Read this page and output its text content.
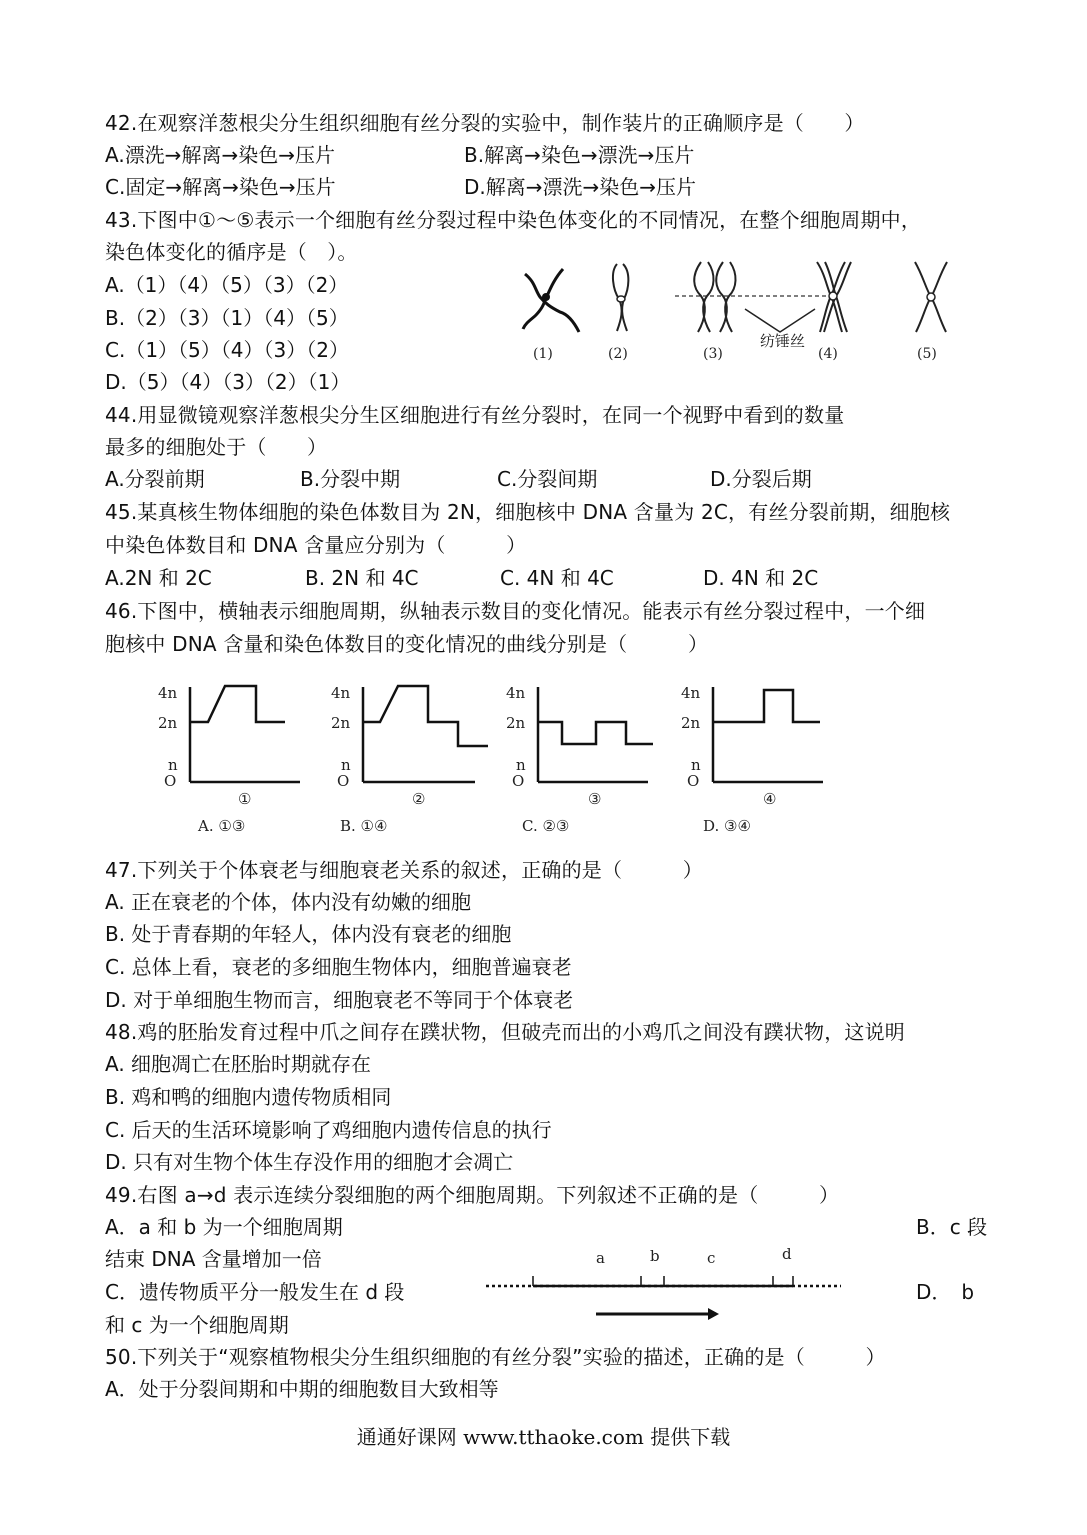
42.在观察洋葱根尖分生组织细胞有丝分裂的实验中，制作装片的正确顺序是（　　）
A.漂洗→解离→染色→压片	B.解离→染色→漂洗→压片
C.固定→解离→染色→压片	D.解离→漂洗→染色→压片
43.下图中①～⑤表示一个细胞有丝分裂过程中染色体变化的不同情况，在整个细胞周期中，
染色体变化的循序是（　）。
A.（1）（4）（5）（3）（2）
B.（2）（3）（1）（4）（5）
C.（1）（5）（4）（3）（2）
D.（5）（4）（3）（2）（1）
纺锤丝
(1)	(2)	(3)	(4)	(5)
44.用显微镜观察洋葱根尖分生区细胞进行有丝分裂时，在同一个视野中看到的数量
最多的细胞处于（　　）
A.分裂前期	B.分裂中期	C.分裂间期	D.分裂后期
45.某真核生物体细胞的染色体数目为 2N，细胞核中 DNA 含量为 2C，有丝分裂前期，细胞核
中染色体数目和 DNA 含量应分别为（　　　）
A.2N 和 2C	B. 2N 和 4C	C. 4N 和 4C	D. 4N 和 2C
46.下图中，横轴表示细胞周期，纵轴表示数目的变化情况。能表示有丝分裂过程中，一个细
胞核中 DNA 含量和染色体数目的变化情况的曲线分别是（　　　）
4n
2n
n
O
4n
2n
n
O
4n
2n
n
O
4n
2n
n
O
①	②	③	④
A. ①③	B. ①④	C. ②③	D. ③④
47.下列关于个体衰老与细胞衰老关系的叙述，正确的是（　　　）
A. 正在衰老的个体，体内没有幼嫩的细胞
B. 处于青春期的年轻人，体内没有衰老的细胞
C. 总体上看，衰老的多细胞生物体内，细胞普遍衰老
D. 对于单细胞生物而言，细胞衰老不等同于个体衰老
48.鸡的胚胎发育过程中爪之间存在蹼状物，但破壳而出的小鸡爪之间没有蹼状物，这说明
A. 细胞凋亡在胚胎时期就存在
B. 鸡和鸭的细胞内遗传物质相同
C. 后天的生活环境影响了鸡细胞内遗传信息的执行
D. 只有对生物个体生存没作用的细胞才会凋亡
49.右图 a→d 表示连续分裂细胞的两个细胞周期。下列叙述不正确的是（　　　）
A．a 和 b 为一个细胞周期	B．c 段
结束 DNA 含量增加一倍
C．遗传物质平分一般发生在 d 段	D．　b
和 c 为一个细胞周期
a	b	c	d
50.下列关于“观察植物根尖分生组织细胞的有丝分裂”实验的描述，正确的是（　　　）
A．处于分裂间期和中期的细胞数目大致相等
通通好课网 www.tthaoke.com 提供下载
